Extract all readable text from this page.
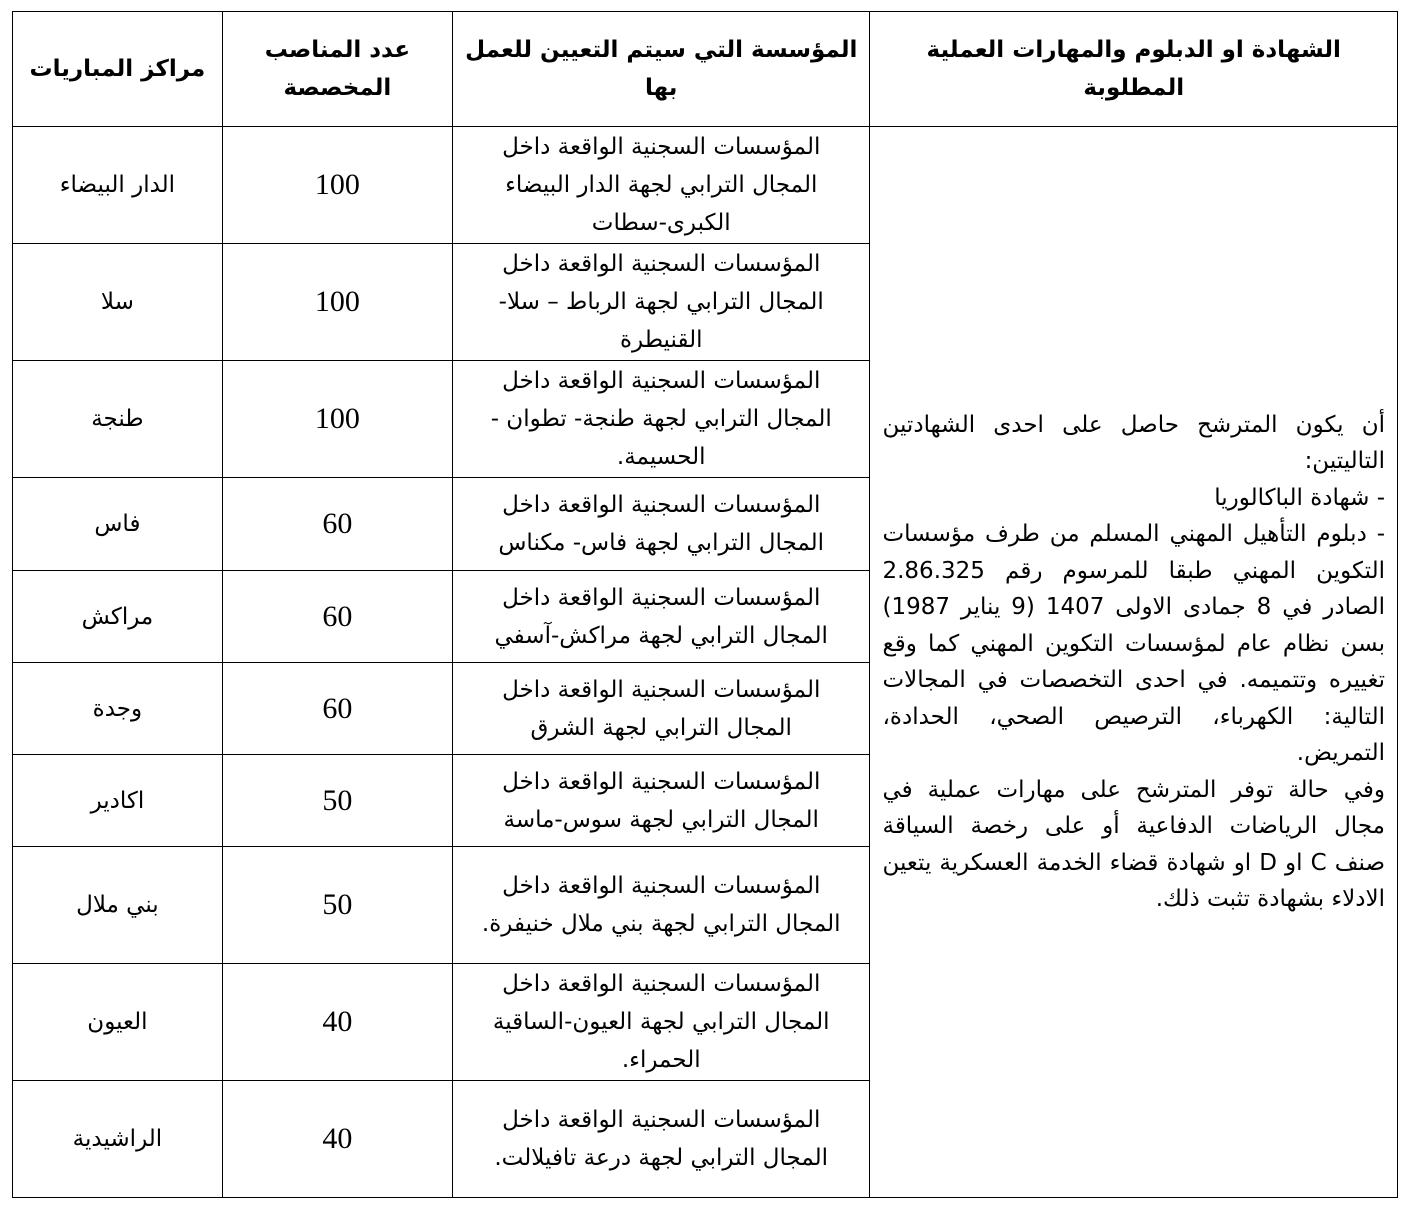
الشهادة او الدبلوم والمهارات العملية المطلوبة	المؤسسة التي سيتم التعيين للعمل بها	عدد المناصب المخصصة	مراكز المباريات

أن يكون المترشح حاصل على احدى الشهادتين التاليتين:
- شهادة الباكالوريا
- دبلوم التأهيل المهني المسلم من طرف مؤسسات التكوين المهني طبقا للمرسوم رقم 2.86.325 الصادر في 8 جمادى الاولى 1407 (9 يناير 1987) بسن نظام عام لمؤسسات التكوين المهني كما وقع تغييره وتتميمه. في احدى التخصصات في المجالات التالية: الكهرباء، الترصيص الصحي، الحدادة، التمريض.
وفي حالة توفر المترشح على مهارات عملية في مجال الرياضات الدفاعية أو على رخصة السياقة صنف C او D او شهادة قضاء الخدمة العسكرية يتعين الادلاء بشهادة تثبت ذلك.	المؤسسات السجنية الواقعة داخل المجال الترابي لجهة الدار البيضاء الكبرى-سطات	100	الدار البيضاء
	المؤسسات السجنية الواقعة داخل المجال الترابي لجهة الرباط – سلا- القنيطرة	100	سلا
	المؤسسات السجنية الواقعة داخل المجال الترابي لجهة طنجة- تطوان - الحسيمة.	100	طنجة
	المؤسسات السجنية الواقعة داخل المجال الترابي لجهة فاس- مكناس	60	فاس
	المؤسسات السجنية الواقعة داخل المجال الترابي لجهة مراكش-آسفي	60	مراكش
	المؤسسات السجنية الواقعة داخل المجال الترابي لجهة الشرق	60	وجدة
	المؤسسات السجنية الواقعة داخل المجال الترابي لجهة سوس-ماسة	50	اكادير
	المؤسسات السجنية الواقعة داخل المجال الترابي لجهة بني ملال خنيفرة.	50	بني ملال
	المؤسسات السجنية الواقعة داخل المجال الترابي لجهة العيون-الساقية الحمراء.	40	العيون
	المؤسسات السجنية الواقعة داخل المجال الترابي لجهة درعة تافيلالت.	40	الراشيدية
